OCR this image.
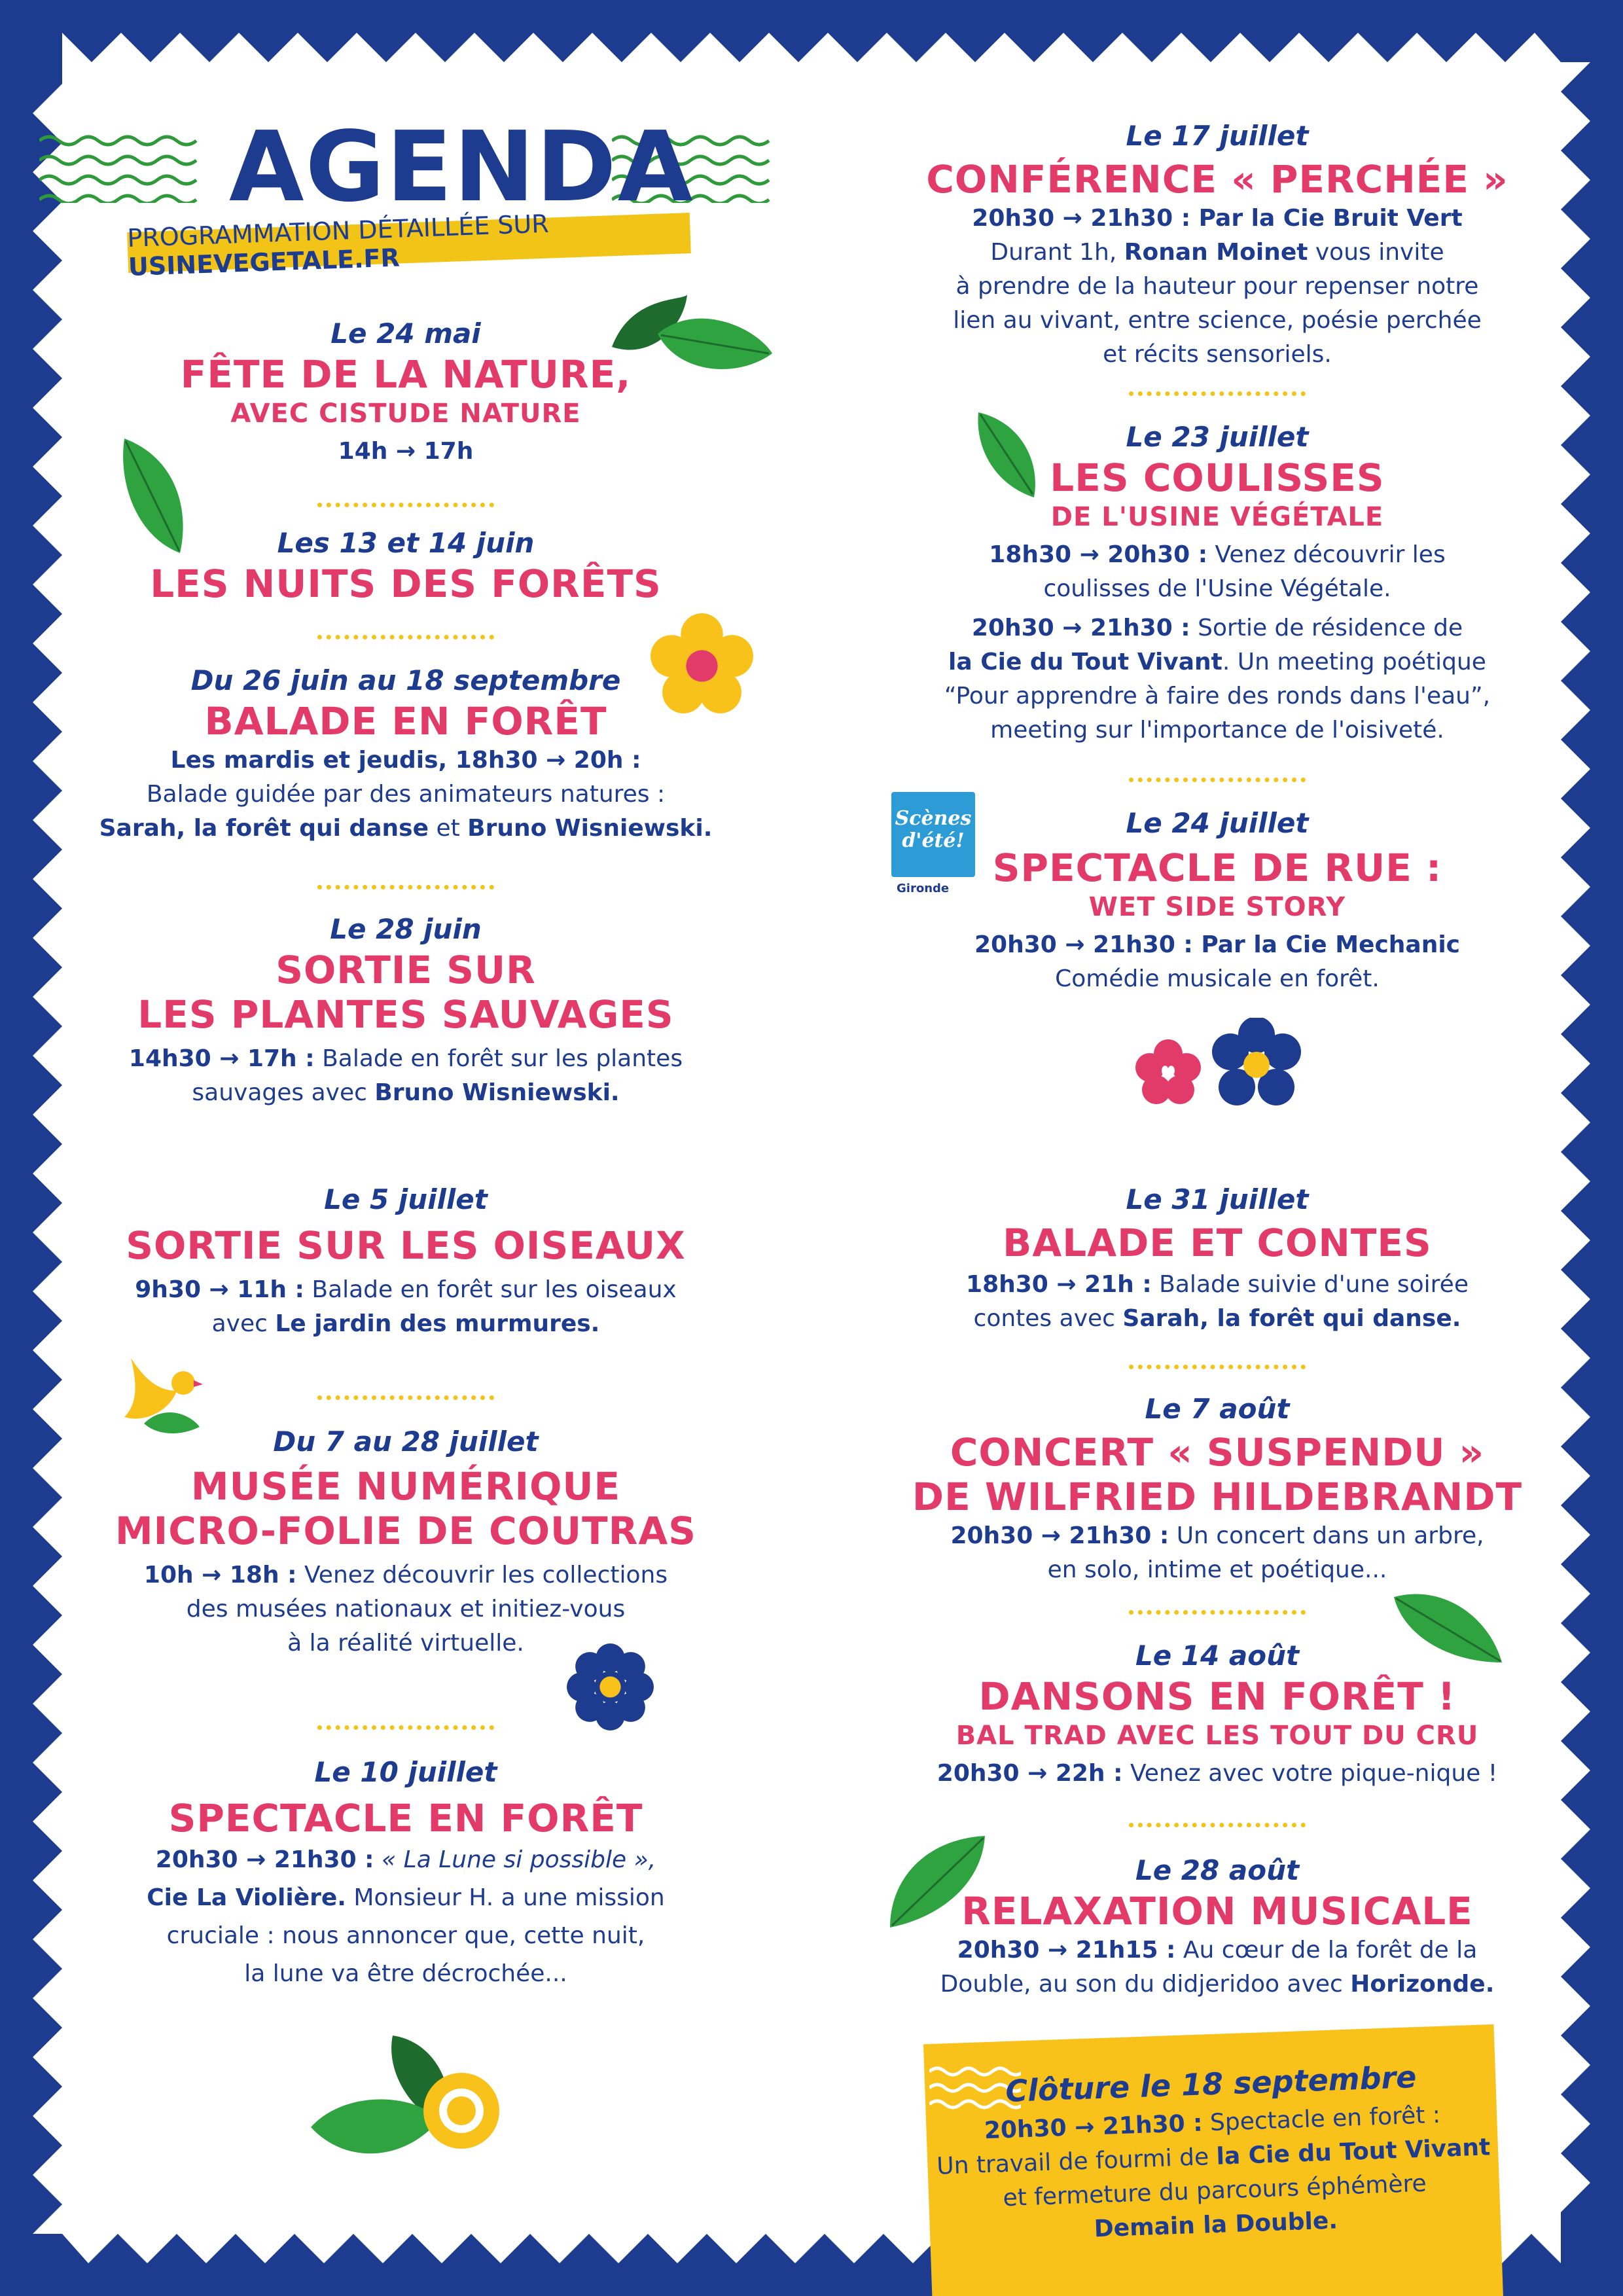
AGENDA
PROGRAMMATION DÉTAILLÉE SUR USINEVEGETALE.FR
Le 24 mai
FÊTE DE LA NATURE,
AVEC CISTUDE NATURE
14h → 17h
Les 13 et 14 juin
LES NUITS DES FORÊTS
Du 26 juin au 18 septembre
BALADE EN FORÊT
Les mardis et jeudis, 18h30 → 20h :
Balade guidée par des animateurs natures :
Sarah, la forêt qui danse et Bruno Wisniewski.
Le 28 juin
SORTIE SUR
LES PLANTES SAUVAGES
14h30 → 17h : Balade en forêt sur les plantes
sauvages avec Bruno Wisniewski.
Le 5 juillet
SORTIE SUR LES OISEAUX
9h30 → 11h : Balade en forêt sur les oiseaux
avec Le jardin des murmures.
Du 7 au 28 juillet
MUSÉE NUMÉRIQUE
MICRO-FOLIE DE COUTRAS
10h → 18h : Venez découvrir les collections
des musées nationaux et initiez-vous
à la réalité virtuelle.
Le 10 juillet
SPECTACLE EN FORÊT
20h30 → 21h30 : « La Lune si possible »,
Cie La Violière. Monsieur H. a une mission
cruciale : nous annoncer que, cette nuit,
la lune va être décrochée...
Le 17 juillet
CONFÉRENCE « PERCHÉE »
20h30 → 21h30 : Par la Cie Bruit Vert
Durant 1h, Ronan Moinet vous invite
à prendre de la hauteur pour repenser notre
lien au vivant, entre science, poésie perchée
et récits sensoriels.
Le 23 juillet
LES COULISSES
DE L'USINE VÉGÉTALE
18h30 → 20h30 : Venez découvrir les
coulisses de l'Usine Végétale.
20h30 → 21h30 : Sortie de résidence de
la Cie du Tout Vivant. Un meeting poétique
“Pour apprendre à faire des ronds dans l'eau”,
meeting sur l'importance de l'oisiveté.
Le 24 juillet
SPECTACLE DE RUE :
WET SIDE STORY
20h30 → 21h30 : Par la Cie Mechanic
Comédie musicale en forêt.
Le 31 juillet
BALADE ET CONTES
18h30 → 21h : Balade suivie d'une soirée
contes avec Sarah, la forêt qui danse.
Le 7 août
CONCERT « SUSPENDU »
DE WILFRIED HILDEBRANDT
20h30 → 21h30 : Un concert dans un arbre,
en solo, intime et poétique...
Le 14 août
DANSONS EN FORÊT !
BAL TRAD AVEC LES TOUT DU CRU
20h30 → 22h : Venez avec votre pique-nique !
Le 28 août
RELAXATION MUSICALE
20h30 → 21h15 : Au cœur de la forêt de la
Double, au son du didjeridoo avec Horizonde.
Clôture le 18 septembre
20h30 → 21h30 : Spectacle en forêt :
Un travail de fourmi de la Cie du Tout Vivant
et fermeture du parcours éphémère
Demain la Double.
Scènes d'été!
Gironde
